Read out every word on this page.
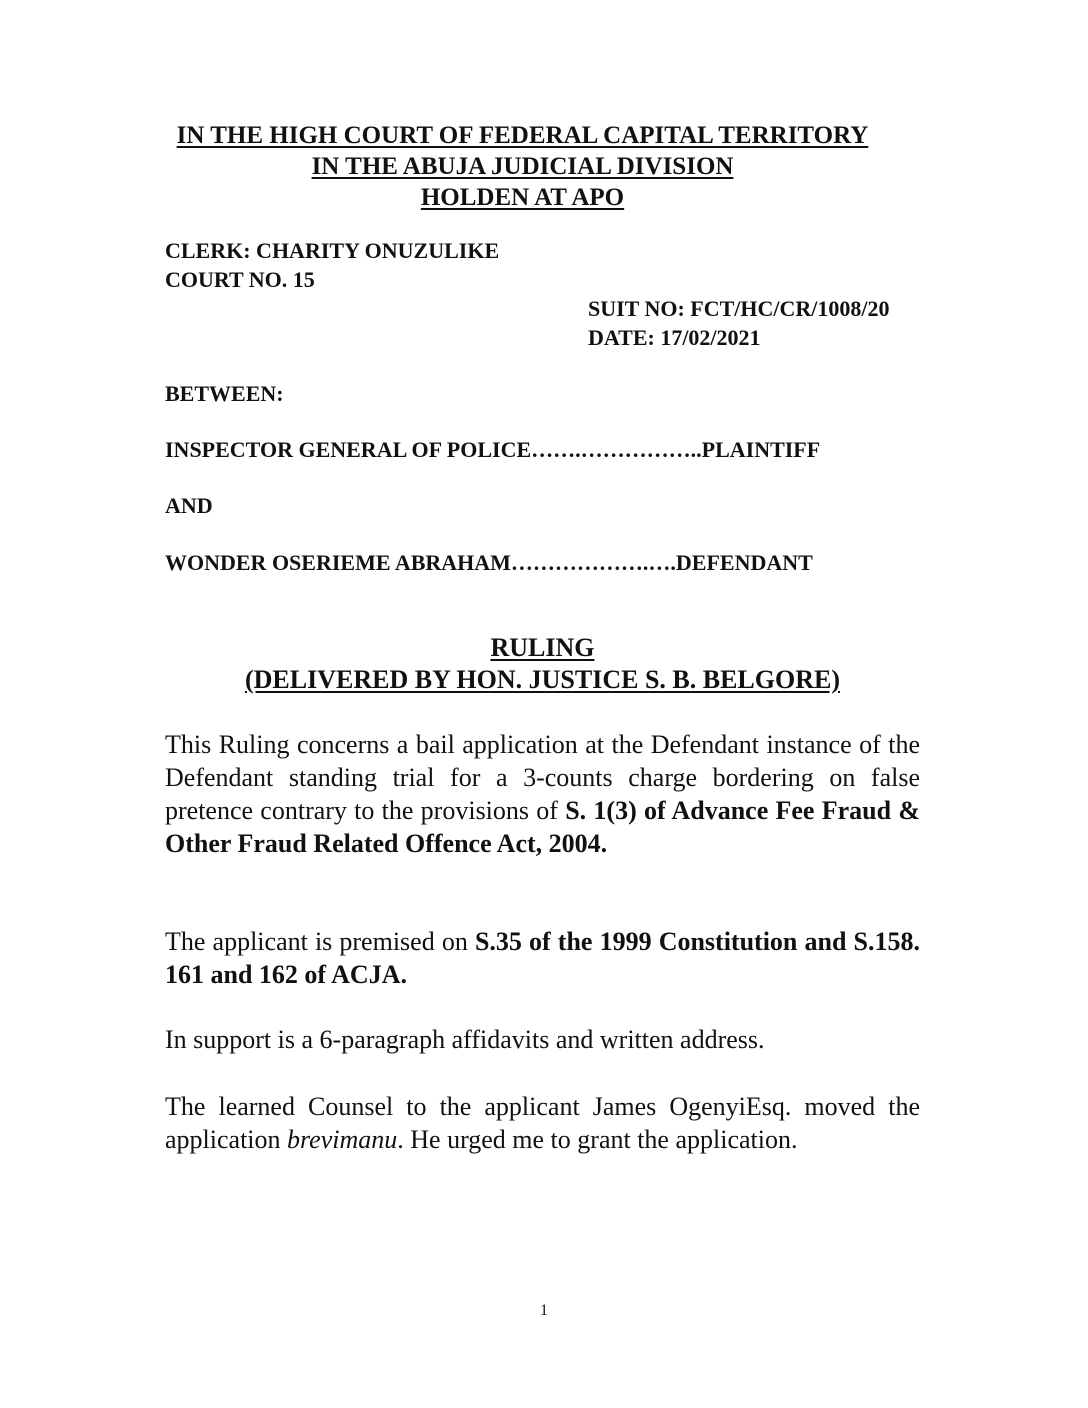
IN THE HIGH COURT OF FEDERAL CAPITAL TERRITORY
IN THE ABUJA JUDICIAL DIVISION
HOLDEN AT APO
CLERK: CHARITY ONUZULIKE
COURT NO. 15
SUIT NO: FCT/HC/CR/1008/20
DATE: 17/02/2021
BETWEEN:
INSPECTOR GENERAL OF POLICE…….……………..PLAINTIFF
AND
WONDER OSERIEME ABRAHAM……………….….DEFENDANT
RULING
(DELIVERED BY HON. JUSTICE S. B. BELGORE)

This Ruling concerns a bail application at the Defendant instance of the Defendant standing trial for a 3-counts charge bordering on false pretence contrary to the provisions of S. 1(3) of Advance Fee Fraud & Other Fraud Related Offence Act, 2004.

The applicant is premised on S.35 of the 1999 Constitution and S.158. 161 and 162 of ACJA.

In support is a 6-paragraph affidavits and written address.

The learned Counsel to the applicant James OgenyiEsq. moved the application brevimanu. He urged me to grant the application.

1
